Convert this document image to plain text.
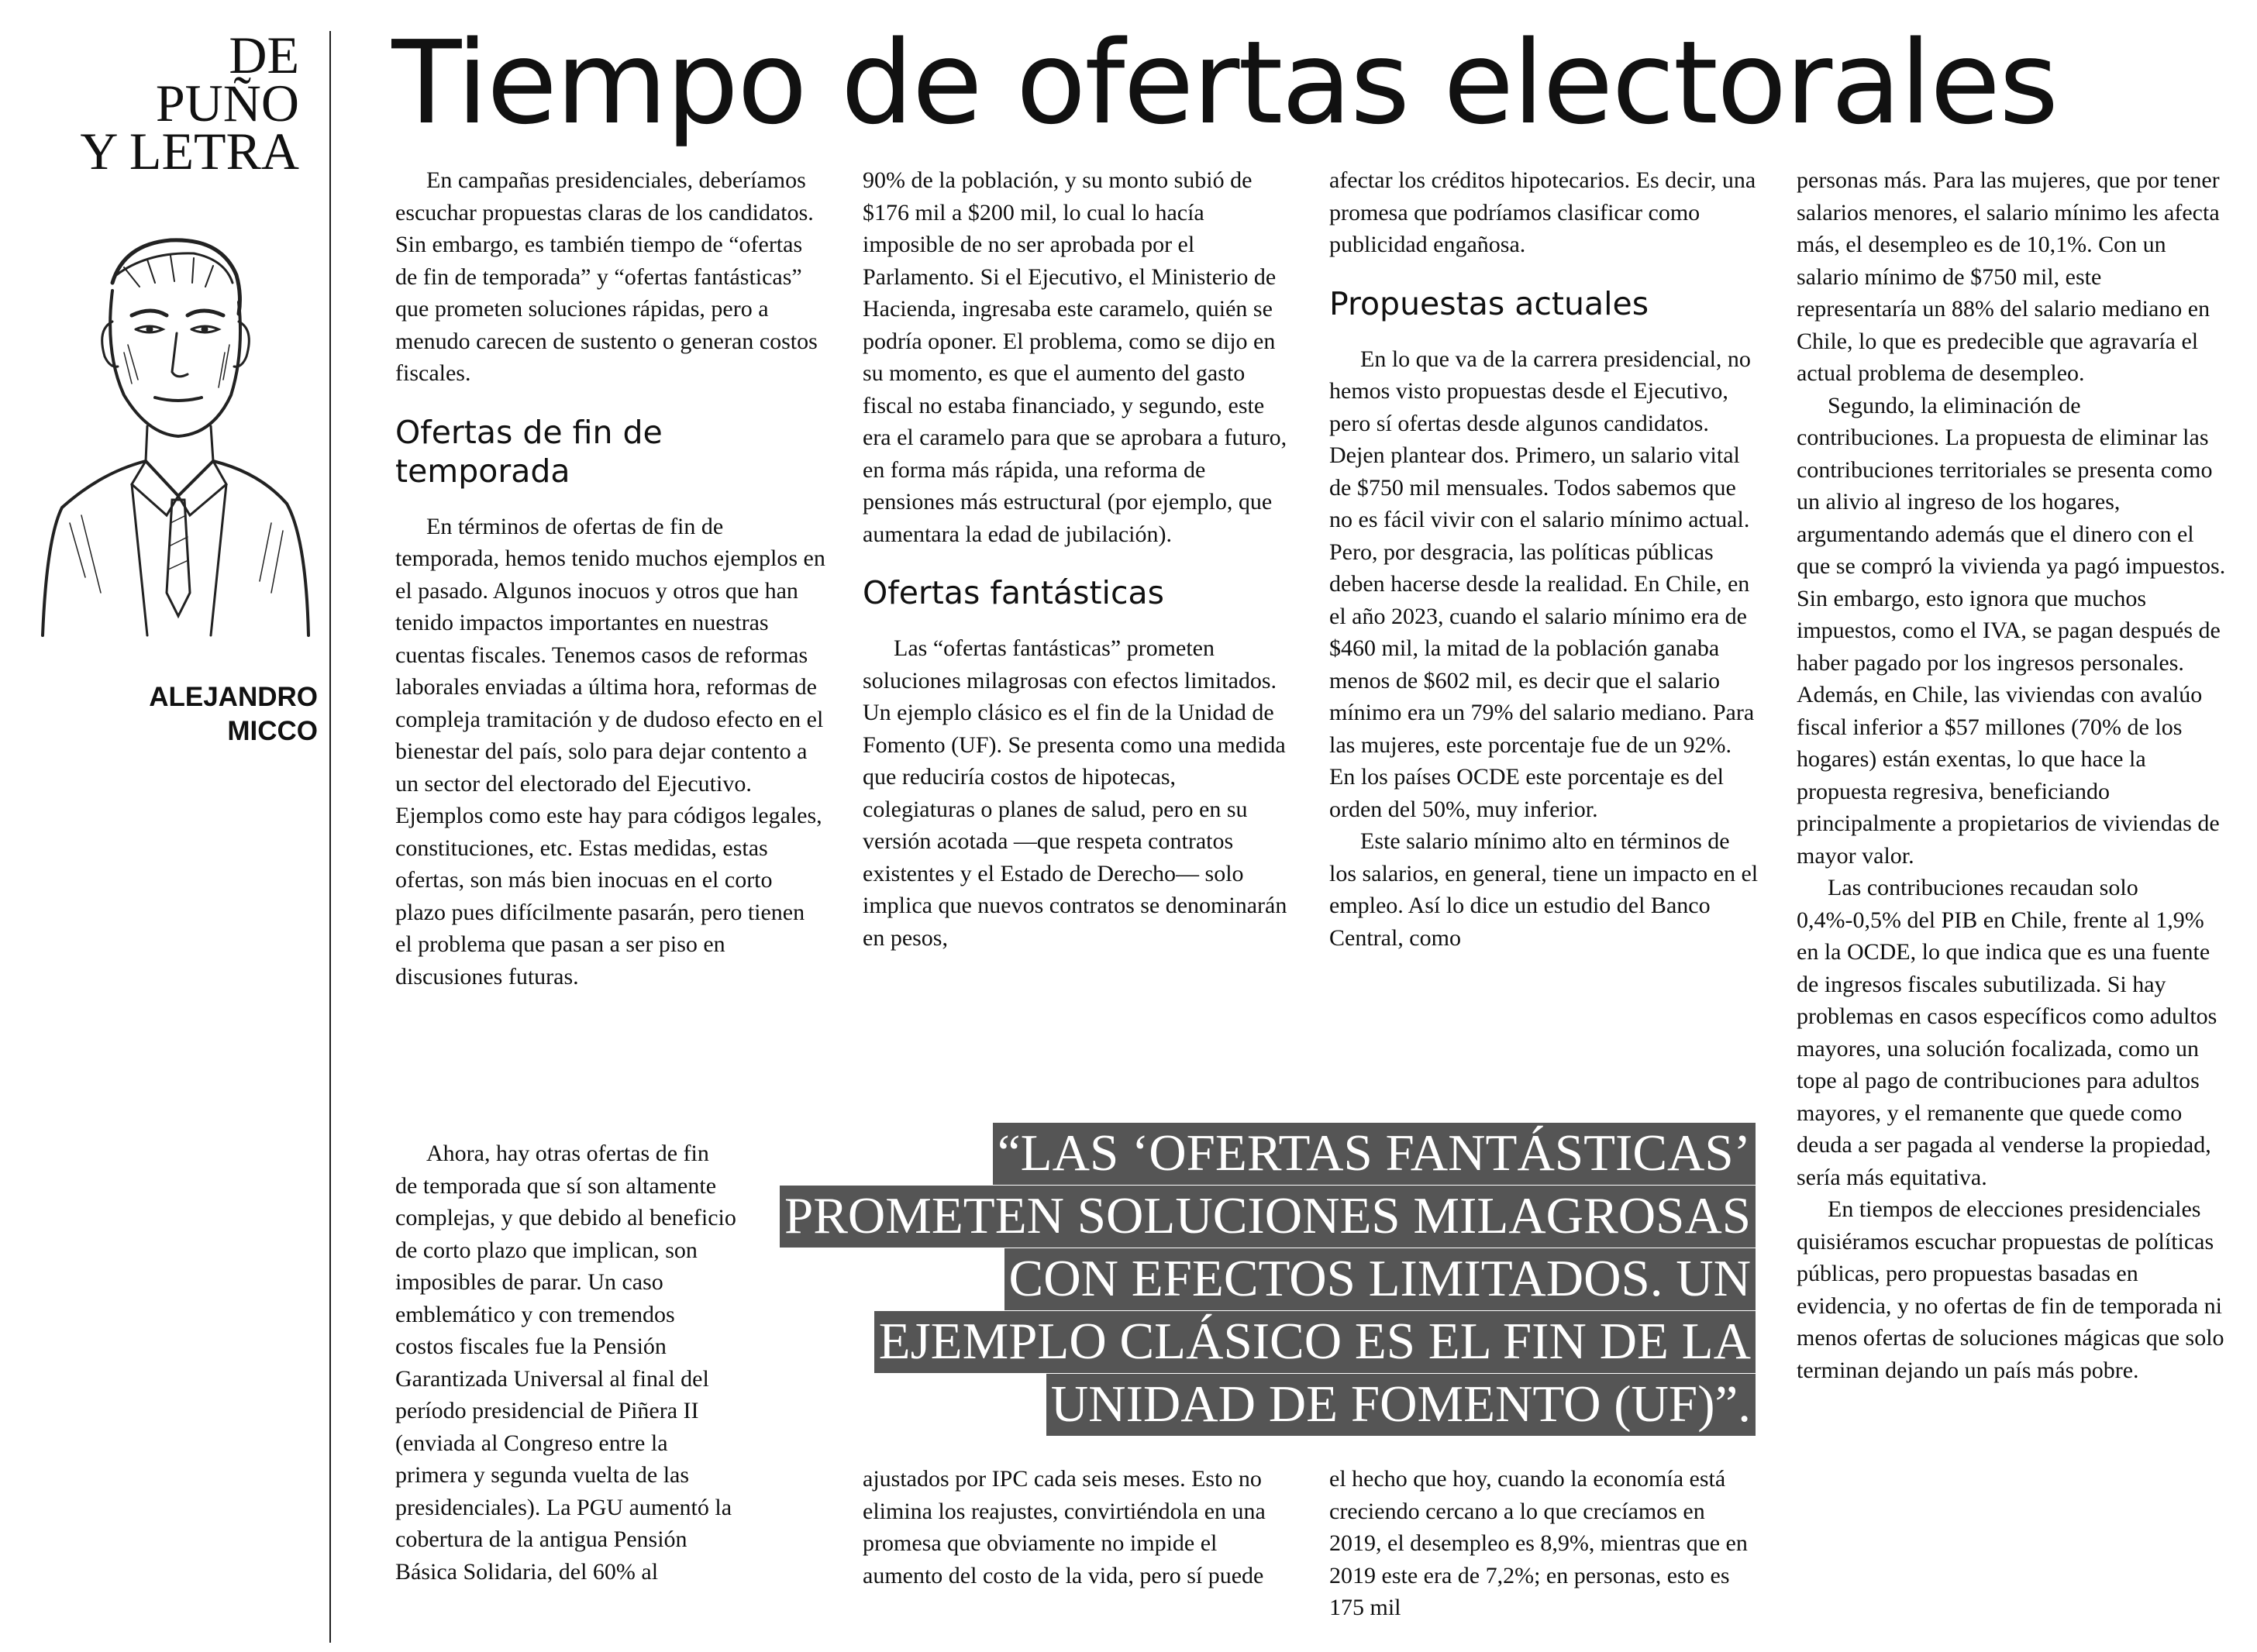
DE
PUÑO
Y LETRA
ALEJANDRO
MICCO
Tiempo de ofertas electorales

En campañas presidenciales, deberíamos escuchar propuestas claras de los candidatos. Sin embargo, es también tiempo de “ofertas de fin de temporada” y “ofertas fantásticas” que prometen soluciones rápidas, pero a menudo carecen de sustento o generan costos fiscales.

Ofertas de fin de temporada

En términos de ofertas de fin de temporada, hemos tenido muchos ejemplos en el pasado. Algunos inocuos y otros que han tenido impactos importantes en nuestras cuentas fiscales. Tenemos casos de reformas laborales enviadas a última hora, reformas de compleja tramitación y de dudoso efecto en el bienestar del país, solo para dejar contento a un sector del electorado del Ejecutivo. Ejemplos como este hay para códigos legales, constituciones, etc. Estas medidas, estas ofertas, son más bien inocuas en el corto plazo pues difícilmente pasarán, pero tienen el problema que pasan a ser piso en discusiones futuras.

Ahora, hay otras ofertas de fin de temporada que sí son altamente complejas, y que debido al beneficio de corto plazo que implican, son imposibles de parar. Un caso emblemático y con tremendos costos fiscales fue la Pensión Garantizada Universal al final del período presidencial de Piñera II (enviada al Congreso entre la primera y segunda vuelta de las presidenciales). La PGU aumentó la cobertura de la antigua Pensión Básica Solidaria, del 60% al

90% de la población, y su monto subió de $176 mil a $200 mil, lo cual lo hacía imposible de no ser aprobada por el Parlamento. Si el Ejecutivo, el Ministerio de Hacienda, ingresaba este caramelo, quién se podría oponer. El problema, como se dijo en su momento, es que el aumento del gasto fiscal no estaba financiado, y segundo, este era el caramelo para que se aprobara a futuro, en forma más rápida, una reforma de pensiones más estructural (por ejemplo, que aumentara la edad de jubilación).

Ofertas fantásticas

Las “ofertas fantásticas” prometen soluciones milagrosas con efectos limitados. Un ejemplo clásico es el fin de la Unidad de Fomento (UF). Se presenta como una medida que reduciría costos de hipotecas, colegiaturas o planes de salud, pero en su versión acotada —que respeta contratos existentes y el Estado de Derecho— solo implica que nuevos contratos se denominarán en pesos,

ajustados por IPC cada seis meses. Esto no elimina los reajustes, convirtiéndola en una promesa que obviamente no impide el aumento del costo de la vida, pero sí puede

afectar los créditos hipotecarios. Es decir, una promesa que podríamos clasificar como publicidad engañosa.

Propuestas actuales

En lo que va de la carrera presidencial, no hemos visto propuestas desde el Ejecutivo, pero sí ofertas desde algunos candidatos. Dejen plantear dos. Primero, un salario vital de $750 mil mensuales. Todos sabemos que no es fácil vivir con el salario mínimo actual. Pero, por desgracia, las políticas públicas deben hacerse desde la realidad. En Chile, en el año 2023, cuando el salario mínimo era de $460 mil, la mitad de la población ganaba menos de $602 mil, es decir que el salario mínimo era un 79% del salario mediano. Para las mujeres, este porcentaje fue de un 92%. En los países OCDE este porcentaje es del orden del 50%, muy inferior.

Este salario mínimo alto en términos de los salarios, en general, tiene un impacto en el empleo. Así lo dice un estudio del Banco Central, como

el hecho que hoy, cuando la economía está creciendo cercano a lo que crecíamos en 2019, el desempleo es 8,9%, mientras que en 2019 este era de 7,2%; en personas, esto es 175 mil

personas más. Para las mujeres, que por tener salarios menores, el salario mínimo les afecta más, el desempleo es de 10,1%. Con un salario mínimo de $750 mil, este representaría un 88% del salario mediano en Chile, lo que es predecible que agravaría el actual problema de desempleo.

Segundo, la eliminación de contribuciones. La propuesta de eliminar las contribuciones territoriales se presenta como un alivio al ingreso de los hogares, argumentando además que el dinero con el que se compró la vivienda ya pagó impuestos. Sin embargo, esto ignora que muchos impuestos, como el IVA, se pagan después de haber pagado por los ingresos personales. Además, en Chile, las viviendas con avalúo fiscal inferior a $57 millones (70% de los hogares) están exentas, lo que hace la propuesta regresiva, beneficiando principalmente a propietarios de viviendas de mayor valor.

Las contribuciones recaudan solo 0,4%-0,5% del PIB en Chile, frente al 1,9% en la OCDE, lo que indica que es una fuente de ingresos fiscales subutilizada. Si hay problemas en casos específicos como adultos mayores, una solución focalizada, como un tope al pago de contribuciones para adultos mayores, y el remanente que quede como deuda a ser pagada al venderse la propiedad, sería más equitativa.

En tiempos de elecciones presidenciales quisiéramos escuchar propuestas de políticas públicas, pero propuestas basadas en evidencia, y no ofertas de fin de temporada ni menos ofertas de soluciones mágicas que solo terminan dejando un país más pobre.

“LAS ‘OFERTAS FANTÁSTICAS’
PROMETEN SOLUCIONES MILAGROSAS
CON EFECTOS LIMITADOS. UN
EJEMPLO CLÁSICO ES EL FIN DE LA
UNIDAD DE FOMENTO (UF)”.
